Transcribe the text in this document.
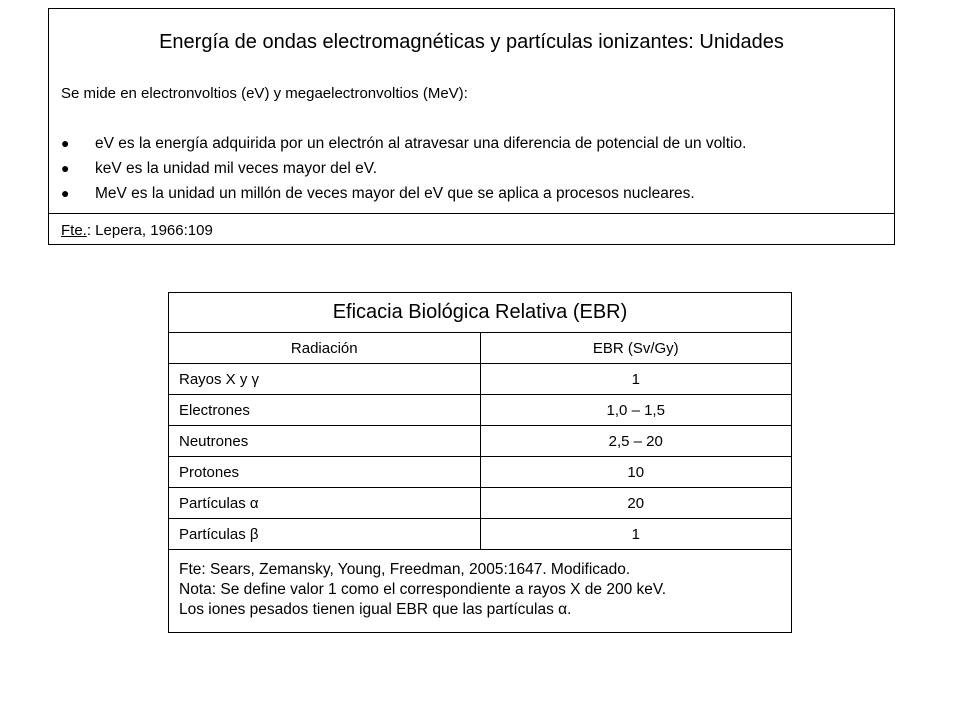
Energía de ondas electromagnéticas y partículas ionizantes: Unidades
Se mide en electronvoltios (eV) y megaelectronvoltios (MeV):
● eV es la energía adquirida por un electrón al atravesar una diferencia de potencial de un voltio.
● keV es la unidad mil veces mayor del eV.
● MeV es la unidad un millón de veces mayor del eV que se aplica a procesos nucleares.
Fte.: Lepera, 1966:109
Eficacia Biológica Relativa (EBR)	
Radiación	EBR (Sv/Gy)
Rayos X y γ	1
Electrones	1,0 – 1,5
Neutrones	2,5 – 20
Protones	10
Partículas α	20
Partículas β	1

Fte: Sears, Zemansky, Young, Freedman, 2005:1647. Modificado.
Nota: Se define valor 1 como el correspondiente a rayos X de 200 keV.
Los iones pesados tienen igual EBR que las partículas α.	
